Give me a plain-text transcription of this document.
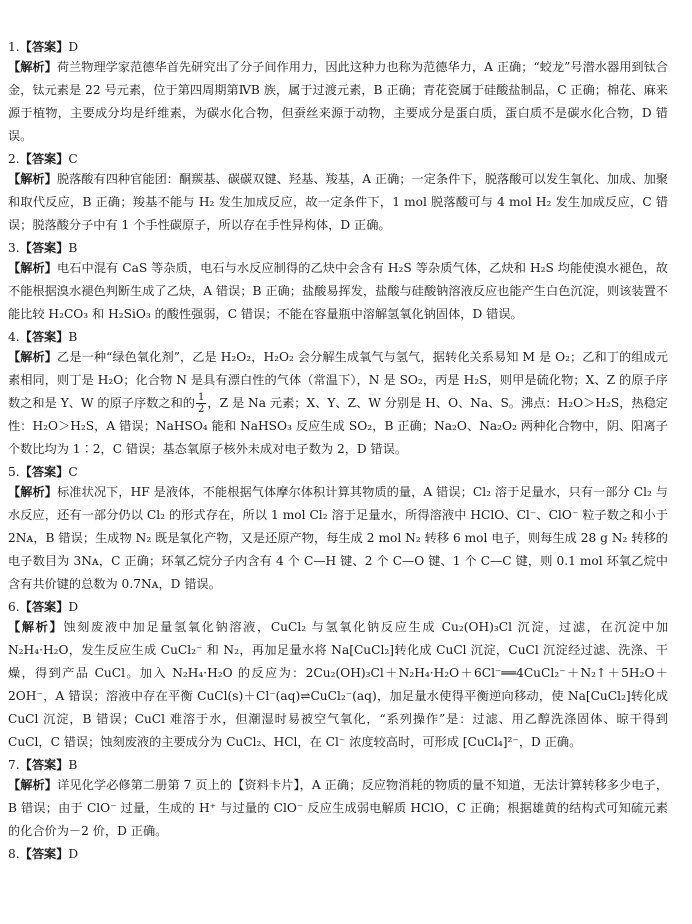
1.【答案】D
【解析】荷兰物理学家范德华首先研究出了分子间作用力，因此这种力也称为范德华力，A 正确；“蛟龙”号潜水器用到钛合金，钛元素是 22 号元素，位于第四周期第ⅣB 族，属于过渡元素，B 正确；青花瓷属于硅酸盐制品，C 正确；棉花、麻来源于植物，主要成分均是纤维素，为碳水化合物，但蚕丝来源于动物，主要成分是蛋白质，蛋白质不是碳水化合物，D 错误。
2.【答案】C
【解析】脱落酸有四种官能团：酮羰基、碳碳双键、羟基、羧基，A 正确；一定条件下，脱落酸可以发生氧化、加成、加聚和取代反应，B 正确；羧基不能与 H₂ 发生加成反应，故一定条件下，1 mol 脱落酸可与 4 mol H₂ 发生加成反应，C 错误；脱落酸分子中有 1 个手性碳原子，所以存在手性异构体，D 正确。
3.【答案】B
【解析】电石中混有 CaS 等杂质，电石与水反应制得的乙炔中会含有 H₂S 等杂质气体，乙炔和 H₂S 均能使溴水褪色，故不能根据溴水褪色判断生成了乙炔，A 错误；B 正确；盐酸易挥发，盐酸与硅酸钠溶液反应也能产生白色沉淀，则该装置不能比较 H₂CO₃ 和 H₂SiO₃ 的酸性强弱，C 错误；不能在容量瓶中溶解氢氧化钠固体，D 错误。
4.【答案】B
【解析】乙是一种“绿色氧化剂”，乙是 H₂O₂，H₂O₂ 会分解生成氧气与氢气，据转化关系易知 M 是 O₂；乙和丁的组成元素相同，则丁是 H₂O；化合物 N 是具有漂白性的气体（常温下），N 是 SO₂，丙是 H₂S，则甲是硫化物；X、Z 的原子序数之和是 Y、W 的原子序数之和的 $\frac{1}{2}$ ，Z 是 Na 元素；X、Y、Z、W 分别是 H、O、Na、S。沸点：H₂O＞H₂S，热稳定性：H₂O＞H₂S，A 错误；NaHSO₄ 能和 NaHSO₃ 反应生成 SO₂，B 正确；Na₂O、Na₂O₂ 两种化合物中，阴、阳离子个数比均为 1∶2，C 错误；基态氧原子核外未成对电子数为 2，D 错误。
5.【答案】C
【解析】标准状况下，HF 是液体，不能根据气体摩尔体积计算其物质的量，A 错误；Cl₂ 溶于足量水，只有一部分 Cl₂ 与水反应，还有一部分仍以 Cl₂ 的形式存在，所以 1 mol Cl₂ 溶于足量水，所得溶液中 HClO、Cl⁻、ClO⁻ 粒子数之和小于 2Nᴀ，B 错误；生成物 N₂ 既是氧化产物，又是还原产物，每生成 2 mol N₂ 转移 6 mol 电子，则每生成 28 g N₂ 转移的电子数目为 3Nᴀ，C 正确；环氧乙烷分子内含有 4 个 C—H 键、2 个 C—O 键、1 个 C—C 键，则 0.1 mol 环氧乙烷中含有共价键的总数为 0.7Nᴀ，D 错误。
6.【答案】D
【解析】蚀刻废液中加足量氢氧化钠溶液，CuCl₂ 与氢氧化钠反应生成 Cu₂(OH)₃Cl 沉淀，过滤，在沉淀中加 N₂H₄·H₂O，发生反应生成 CuCl₂⁻ 和 N₂，再加足量水将 Na[CuCl₂]转化成 CuCl 沉淀，CuCl 沉淀经过滤、洗涤、干燥，得到产品 CuCl。加入 N₂H₄·H₂O 的反应为：2Cu₂(OH)₃Cl＋N₂H₄·H₂O＋6Cl⁻══4CuCl₂⁻＋N₂↑＋5H₂O＋2OH⁻，A 错误；溶液中存在平衡 CuCl(s)＋Cl⁻(aq)⇌CuCl₂⁻(aq)，加足量水使得平衡逆向移动，使 Na[CuCl₂]转化成 CuCl 沉淀，B 错误；CuCl 难溶于水，但潮湿时易被空气氧化，“系列操作”是：过滤、用乙醇洗涤固体、晾干得到 CuCl，C 错误；蚀刻废液的主要成分为 CuCl₂、HCl，在 Cl⁻ 浓度较高时，可形成 [CuCl₄]²⁻，D 正确。
7.【答案】B
【解析】详见化学必修第二册第 7 页上的【资料卡片】，A 正确；反应物消耗的物质的量不知道，无法计算转移多少电子，B 错误；由于 ClO⁻ 过量，生成的 H⁺ 与过量的 ClO⁻ 反应生成弱电解质 HClO，C 正确；根据雄黄的结构式可知硫元素的化合价为－2 价，D 正确。
8.【答案】D
